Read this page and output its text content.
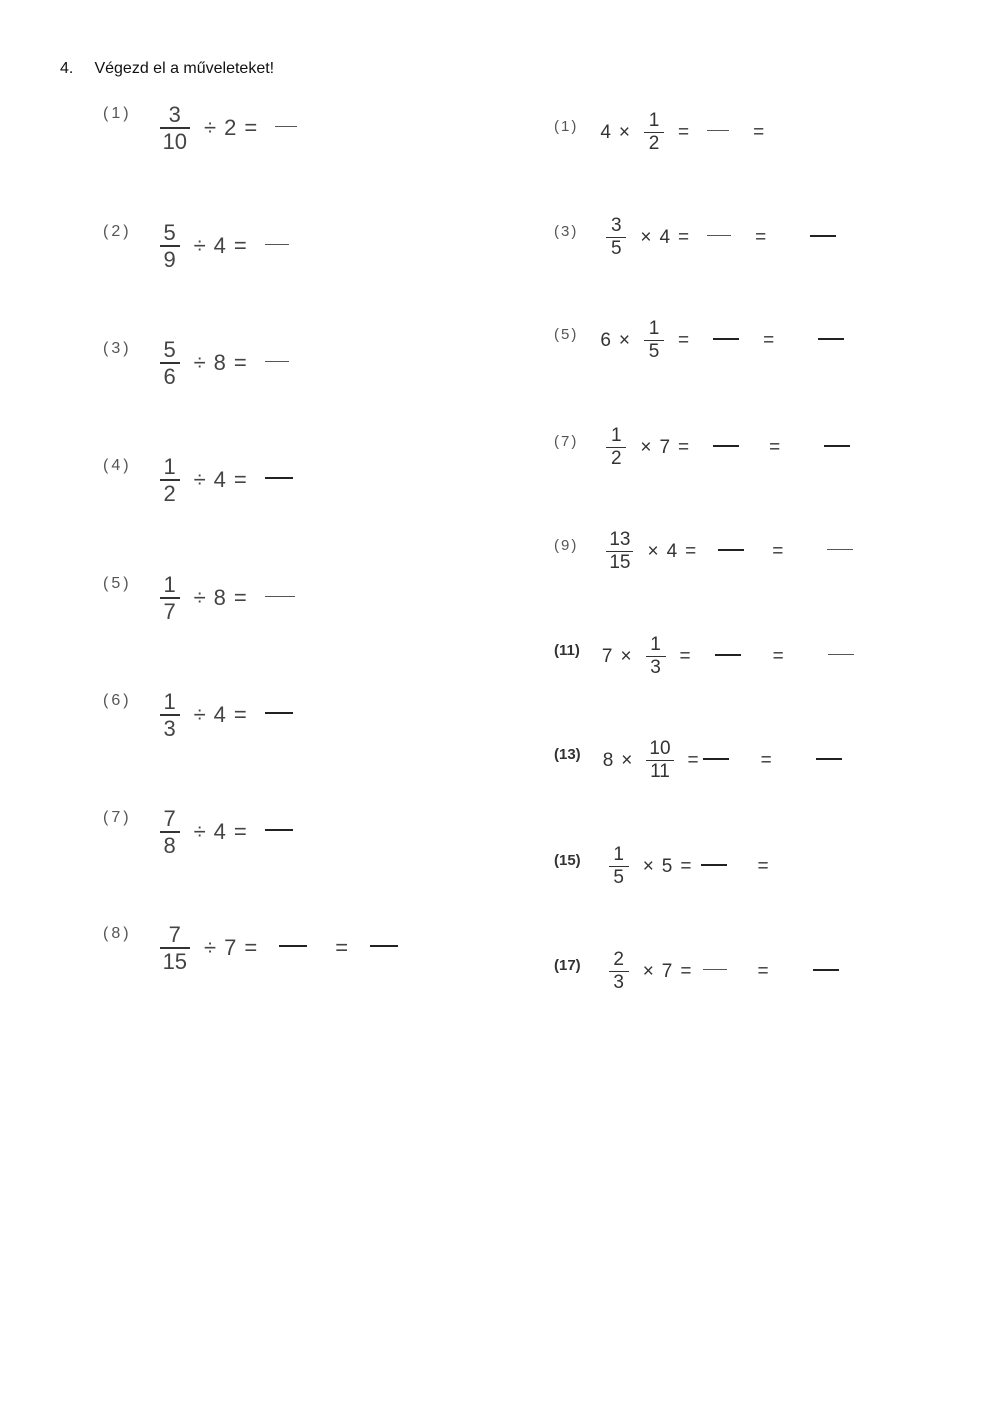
4. Végezd el a műveleteket!
$(1) \frac{3}{10} \div 2$ =
$(2) \frac{5}{9} \div 4$ =
$(3) \frac{5}{6} \div 8$ =
$(4) \frac{1}{2} \div 4$ =
$(5) \frac{1}{7} \div 8$ =
$(6) \frac{1}{3} \div 4$ =
$(7) \frac{7}{8} \div 4$ =
$(8) \frac{7}{15} \div 7$ =	=
(1) $4 \times \frac{1}{2}$ =	=
$(3) \frac{3}{5} \times 4$ =	=
(5) $6 \times \frac{1}{5}$ =	=
$(7) \frac{1}{2} \times 7$ =	=
$(9) \frac{13}{15} \times 4$ =	=
(11) $7 \times \frac{1}{3}$ =	=
(13) $8 \times \frac{10}{11}$ =	=
$(15) \frac{1}{5} \times 5$ =	=
$(17) \frac{2}{3} \times 7$ =	=
